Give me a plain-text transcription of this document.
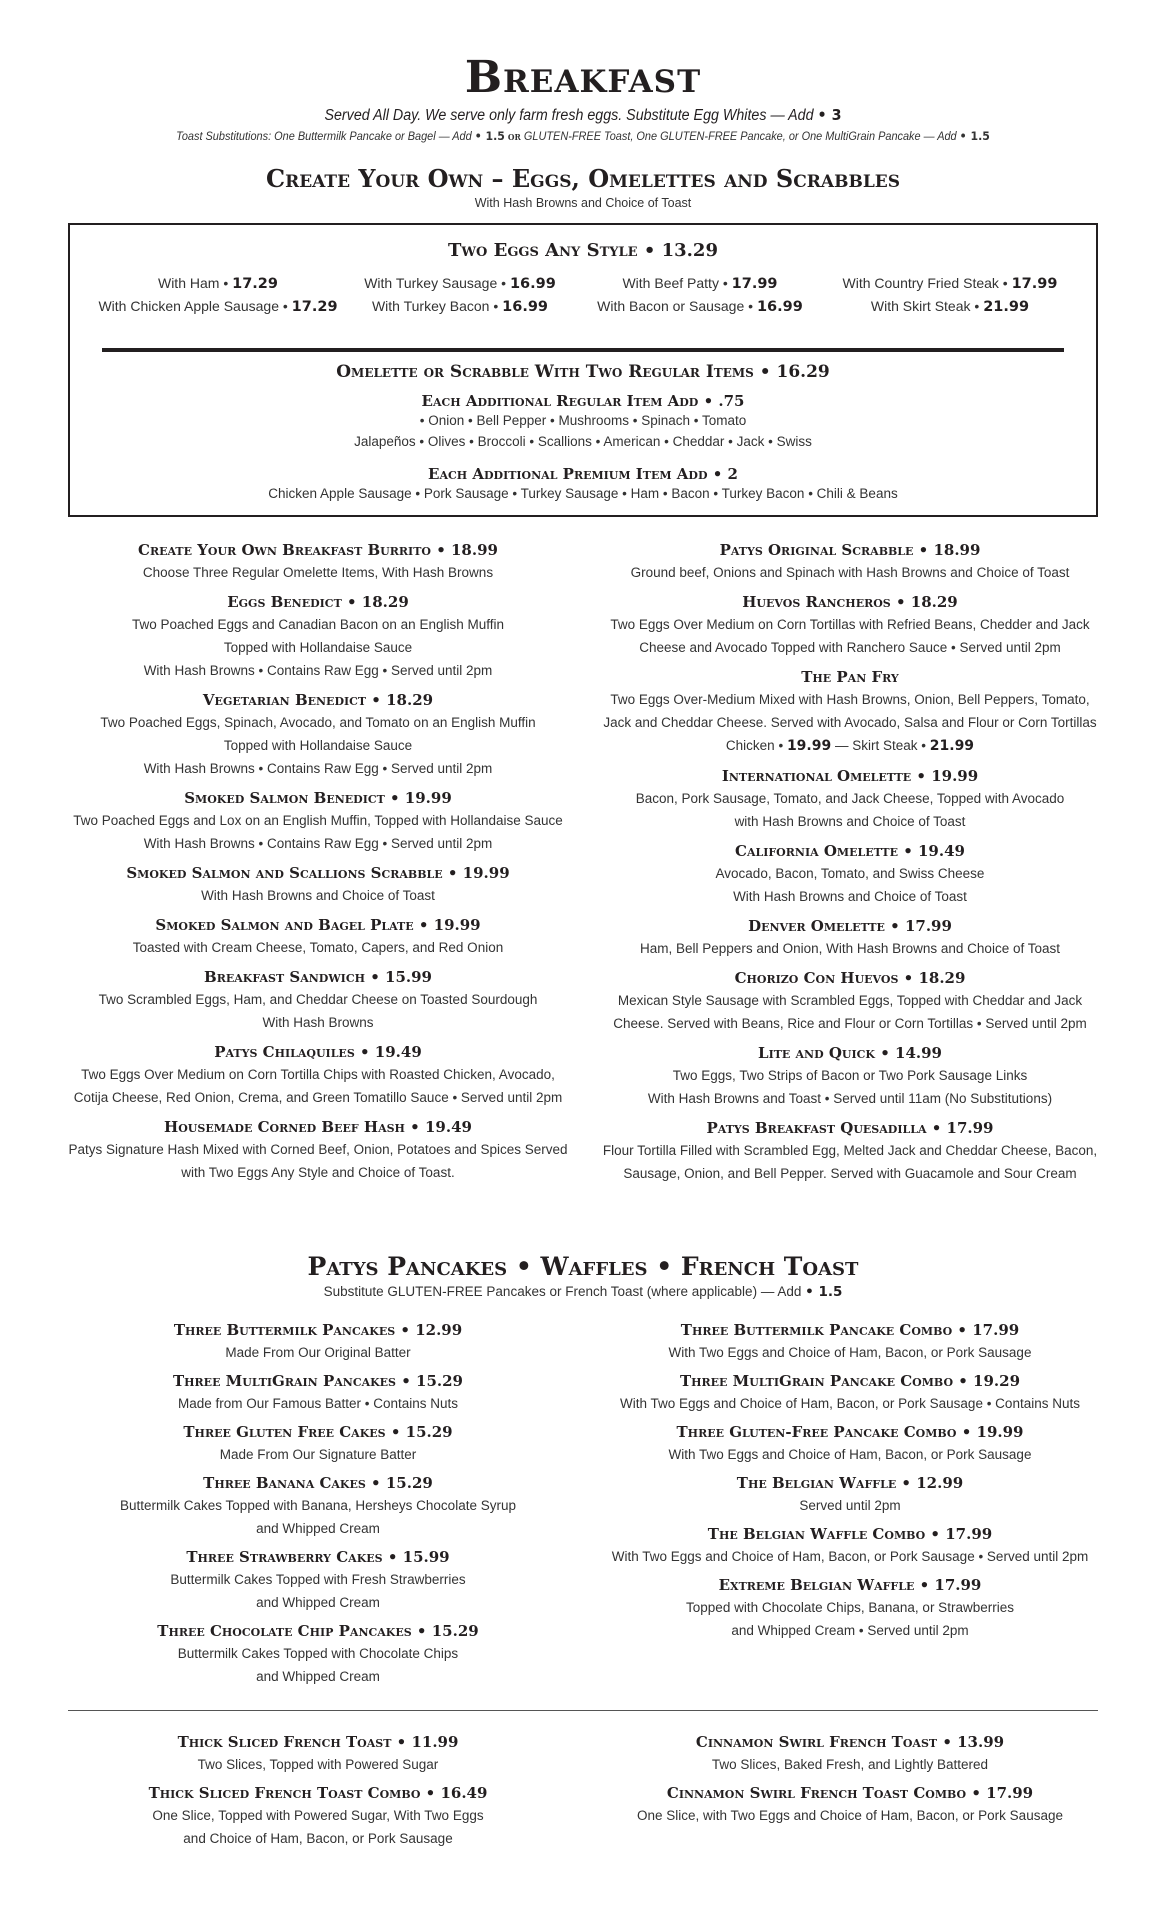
Breakfast
Served All Day. We serve only farm fresh eggs. Substitute Egg Whites — Add • 3
Toast Substitutions: One Buttermilk Pancake or Bagel — Add • 1.5 or GLUTEN-FREE Toast, One GLUTEN-FREE Pancake, or One MultiGrain Pancake — Add • 1.5
Create Your Own – Eggs, Omelettes and Scrabbles
With Hash Browns and Choice of Toast
Two Eggs Any Style • 13.29
With Ham • 17.29	With Turkey Sausage • 16.99	With Beef Patty • 17.99	With Country Fried Steak • 17.99
With Chicken Apple Sausage • 17.29	With Turkey Bacon • 16.99	With Bacon or Sausage • 16.99	With Skirt Steak • 21.99
Omelette or Scrabble With Two Regular Items • 16.29
Each Additional Regular Item Add • .75
• Onion • Bell Pepper • Mushrooms • Spinach • Tomato
Jalapeños • Olives • Broccoli • Scallions • American • Cheddar • Jack • Swiss
Each Additional Premium Item Add • 2
Chicken Apple Sausage • Pork Sausage • Turkey Sausage • Ham • Bacon • Turkey Bacon • Chili & Beans
Create Your Own Breakfast Burrito • 18.99
Choose Three Regular Omelette Items, With Hash Browns
Eggs Benedict • 18.29
Two Poached Eggs and Canadian Bacon on an English Muffin
Topped with Hollandaise Sauce
With Hash Browns • Contains Raw Egg • Served until 2pm
Vegetarian Benedict • 18.29
Two Poached Eggs, Spinach, Avocado, and Tomato on an English Muffin
Topped with Hollandaise Sauce
With Hash Browns • Contains Raw Egg • Served until 2pm
Smoked Salmon Benedict • 19.99
Two Poached Eggs and Lox on an English Muffin, Topped with Hollandaise Sauce
With Hash Browns • Contains Raw Egg • Served until 2pm
Smoked Salmon and Scallions Scrabble • 19.99
With Hash Browns and Choice of Toast
Smoked Salmon and Bagel Plate • 19.99
Toasted with Cream Cheese, Tomato, Capers, and Red Onion
Breakfast Sandwich • 15.99
Two Scrambled Eggs, Ham, and Cheddar Cheese on Toasted Sourdough
With Hash Browns
Patys Chilaquiles • 19.49
Two Eggs Over Medium on Corn Tortilla Chips with Roasted Chicken, Avocado,
Cotija Cheese, Red Onion, Crema, and Green Tomatillo Sauce • Served until 2pm
Housemade Corned Beef Hash • 19.49
Patys Signature Hash Mixed with Corned Beef, Onion, Potatoes and Spices Served
with Two Eggs Any Style and Choice of Toast.
Patys Original Scrabble • 18.99
Ground beef, Onions and Spinach with Hash Browns and Choice of Toast
Huevos Rancheros • 18.29
Two Eggs Over Medium on Corn Tortillas with Refried Beans, Chedder and Jack
Cheese and Avocado Topped with Ranchero Sauce • Served until 2pm
The Pan Fry
Two Eggs Over-Medium Mixed with Hash Browns, Onion, Bell Peppers, Tomato,
Jack and Cheddar Cheese. Served with Avocado, Salsa and Flour or Corn Tortillas
Chicken • 19.99 — Skirt Steak • 21.99
International Omelette • 19.99
Bacon, Pork Sausage, Tomato, and Jack Cheese, Topped with Avocado
with Hash Browns and Choice of Toast
California Omelette • 19.49
Avocado, Bacon, Tomato, and Swiss Cheese
With Hash Browns and Choice of Toast
Denver Omelette • 17.99
Ham, Bell Peppers and Onion, With Hash Browns and Choice of Toast
Chorizo Con Huevos • 18.29
Mexican Style Sausage with Scrambled Eggs, Topped with Cheddar and Jack
Cheese. Served with Beans, Rice and Flour or Corn Tortillas • Served until 2pm
Lite and Quick • 14.99
Two Eggs, Two Strips of Bacon or Two Pork Sausage Links
With Hash Browns and Toast • Served until 11am (No Substitutions)
Patys Breakfast Quesadilla • 17.99
Flour Tortilla Filled with Scrambled Egg, Melted Jack and Cheddar Cheese, Bacon,
Sausage, Onion, and Bell Pepper. Served with Guacamole and Sour Cream
Patys Pancakes • Waffles • French Toast
Substitute GLUTEN-FREE Pancakes or French Toast (where applicable) — Add • 1.5
Three Buttermilk Pancakes • 12.99
Made From Our Original Batter
Three MultiGrain Pancakes • 15.29
Made from Our Famous Batter • Contains Nuts
Three Gluten Free Cakes • 15.29
Made From Our Signature Batter
Three Banana Cakes • 15.29
Buttermilk Cakes Topped with Banana, Hersheys Chocolate Syrup
and Whipped Cream
Three Strawberry Cakes • 15.99
Buttermilk Cakes Topped with Fresh Strawberries
and Whipped Cream
Three Chocolate Chip Pancakes • 15.29
Buttermilk Cakes Topped with Chocolate Chips
and Whipped Cream
Three Buttermilk Pancake Combo • 17.99
With Two Eggs and Choice of Ham, Bacon, or Pork Sausage
Three MultiGrain Pancake Combo • 19.29
With Two Eggs and Choice of Ham, Bacon, or Pork Sausage • Contains Nuts
Three Gluten-Free Pancake Combo • 19.99
With Two Eggs and Choice of Ham, Bacon, or Pork Sausage
The Belgian Waffle • 12.99
Served until 2pm
The Belgian Waffle Combo • 17.99
With Two Eggs and Choice of Ham, Bacon, or Pork Sausage • Served until 2pm
Extreme Belgian Waffle • 17.99
Topped with Chocolate Chips, Banana, or Strawberries
and Whipped Cream • Served until 2pm
Thick Sliced French Toast • 11.99
Two Slices, Topped with Powered Sugar
Thick Sliced French Toast Combo • 16.49
One Slice, Topped with Powered Sugar, With Two Eggs
and Choice of Ham, Bacon, or Pork Sausage
Cinnamon Swirl French Toast • 13.99
Two Slices, Baked Fresh, and Lightly Battered
Cinnamon Swirl French Toast Combo • 17.99
One Slice, with Two Eggs and Choice of Ham, Bacon, or Pork Sausage
